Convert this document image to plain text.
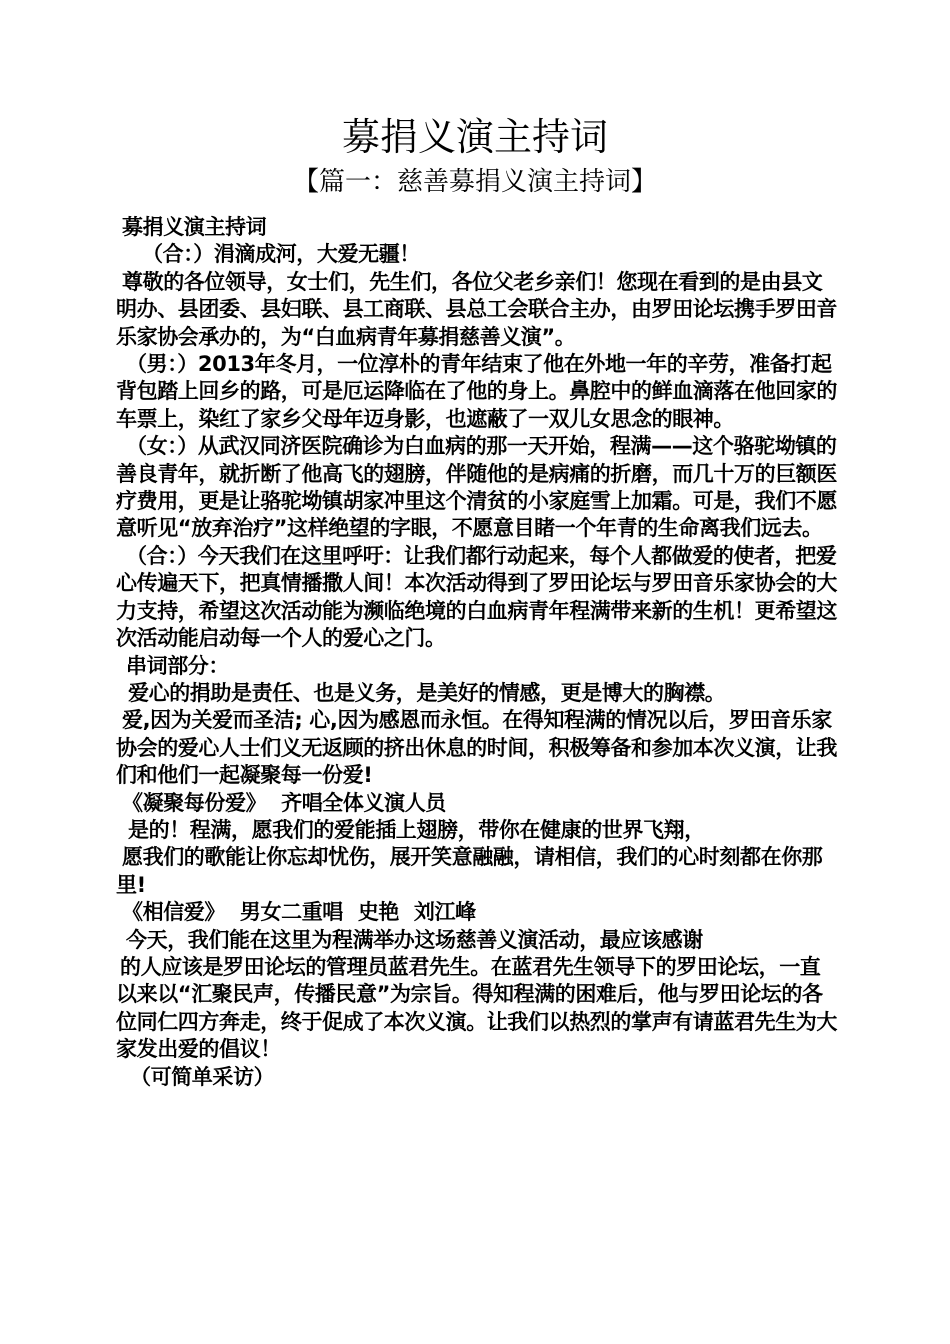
募捐义演主持词
【篇一：慈善募捐义演主持词】

募捐义演主持词

（合：）涓滴成河，大爱无疆！

尊敬的各位领导，女士们，先生们，各位父老乡亲们！您现在看到的是由县文明办、县团委、县妇联、县工商联、县总工会联合主办，由罗田论坛携手罗田音乐家协会承办的，为“白血病青年募捐慈善义演”。

（男：）2013年冬月，一位淳朴的青年结束了他在外地一年的辛劳，准备打起背包踏上回乡的路，可是厄运降临在了他的身上。鼻腔中的鲜血滴落在他回家的车票上，染红了家乡父母年迈身影，也遮蔽了一双儿女思念的眼神。

（女：）从武汉同济医院确诊为白血病的那一天开始，程满——这个骆驼坳镇的善良青年，就折断了他高飞的翅膀，伴随他的是病痛的折磨，而几十万的巨额医疗费用，更是让骆驼坳镇胡家冲里这个清贫的小家庭雪上加霜。可是，我们不愿意听见“放弃治疗”这样绝望的字眼，不愿意目睹一个年青的生命离我们远去。

（合：）今天我们在这里呼吁：让我们都行动起来，每个人都做爱的使者，把爱心传遍天下，把真情播撒人间！本次活动得到了罗田论坛与罗田音乐家协会的大力支持，希望这次活动能为濒临绝境的白血病青年程满带来新的生机！更希望这次活动能启动每一个人的爱心之门。

串词部分：

爱心的捐助是责任、也是义务，是美好的情感，更是博大的胸襟。

爱,因为关爱而圣洁; 心,因为感恩而永恒。在得知程满的情况以后，罗田音乐家协会的爱心人士们义无返顾的挤出休息的时间，积极筹备和参加本次义演，让我们和他们一起凝聚每一份爱!

《凝聚每份爱》 齐唱全体义演人员

是的！程满，愿我们的爱能插上翅膀，带你在健康的世界飞翔，

愿我们的歌能让你忘却忧伤，展开笑意融融，请相信，我们的心时刻都在你那里!

《相信爱》 男女二重唱 史艳 刘江峰

今天，我们能在这里为程满举办这场慈善义演活动，最应该感谢

的人应该是罗田论坛的管理员蓝君先生。在蓝君先生领导下的罗田论坛，一直以来以“汇聚民声，传播民意”为宗旨。得知程满的困难后，他与罗田论坛的各位同仁四方奔走，终于促成了本次义演。让我们以热烈的掌声有请蓝君先生为大家发出爱的倡议！

（可简单采访）
